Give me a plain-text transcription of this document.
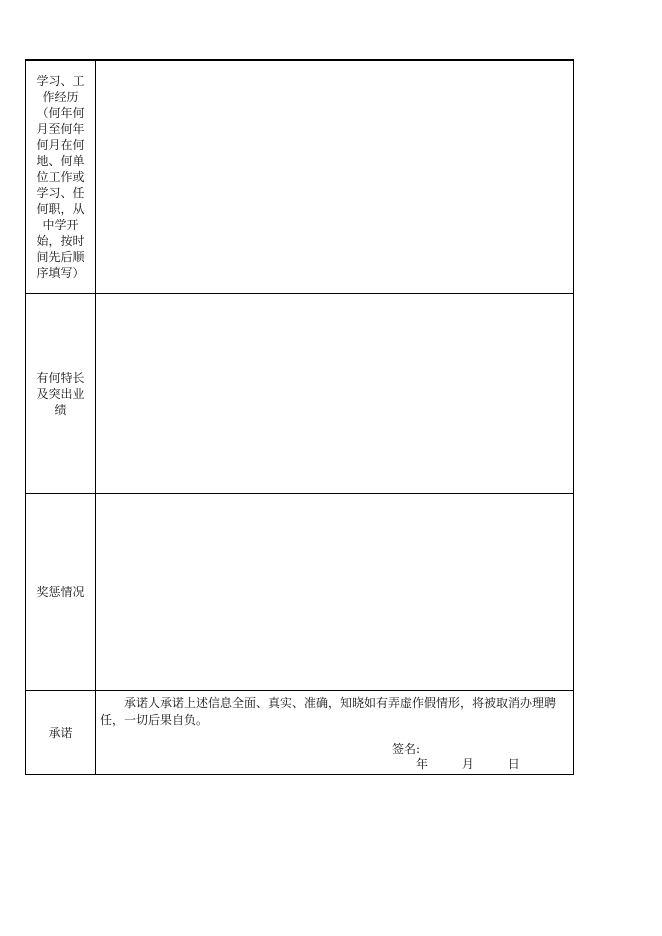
学习、工作经历（何年何月至何年何月在何地、何单位工作或学习、任何职，从中学开始，按时间先后顺序填写）	

有何特长及突出业绩	

奖惩情况	

承诺	承诺人承诺上述信息全面、真实、准确，知晓如有弄虚作假情形，将被取消办理聘任，一切后果自负。
签名:
年 月 日
